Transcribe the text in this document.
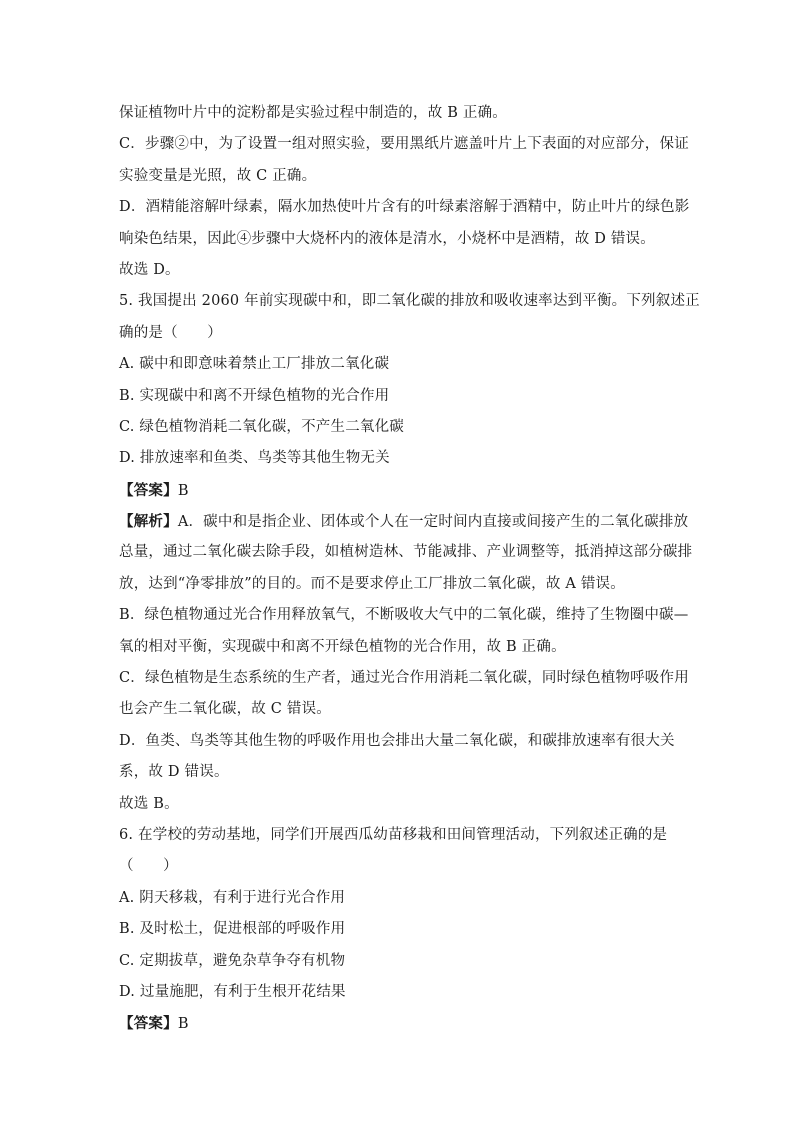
保证植物叶片中的淀粉都是实验过程中制造的，故 B 正确。
C．步骤②中，为了设置一组对照实验，要用黑纸片遮盖叶片上下表面的对应部分，保证
实验变量是光照，故 C 正确。
D．酒精能溶解叶绿素，隔水加热使叶片含有的叶绿素溶解于酒精中，防止叶片的绿色影
响染色结果，因此④步骤中大烧杯内的液体是清水，小烧杯中是酒精，故 D 错误。
故选 D。
5. 我国提出 2060 年前实现碳中和，即二氧化碳的排放和吸收速率达到平衡。下列叙述正
确的是（　　）
A. 碳中和即意味着禁止工厂排放二氧化碳
B. 实现碳中和离不开绿色植物的光合作用
C. 绿色植物消耗二氧化碳，不产生二氧化碳
D. 排放速率和鱼类、鸟类等其他生物无关
【答案】B
【解析】A．碳中和是指企业、团体或个人在一定时间内直接或间接产生的二氧化碳排放
总量，通过二氧化碳去除手段，如植树造林、节能减排、产业调整等，抵消掉这部分碳排
放，达到“净零排放”的目的。而不是要求停止工厂排放二氧化碳，故 A 错误。
B．绿色植物通过光合作用释放氧气，不断吸收大气中的二氧化碳，维持了生物圈中碳—
氧的相对平衡，实现碳中和离不开绿色植物的光合作用，故 B 正确。
C．绿色植物是生态系统的生产者，通过光合作用消耗二氧化碳，同时绿色植物呼吸作用
也会产生二氧化碳，故 C 错误。
D．鱼类、鸟类等其他生物的呼吸作用也会排出大量二氧化碳，和碳排放速率有很大关
系，故 D 错误。
故选 B。
6. 在学校的劳动基地，同学们开展西瓜幼苗移栽和田间管理活动，下列叙述正确的是
（　　）
A. 阴天移栽，有利于进行光合作用
B. 及时松土，促进根部的呼吸作用
C. 定期拔草，避免杂草争夺有机物
D. 过量施肥，有利于生根开花结果
【答案】B
